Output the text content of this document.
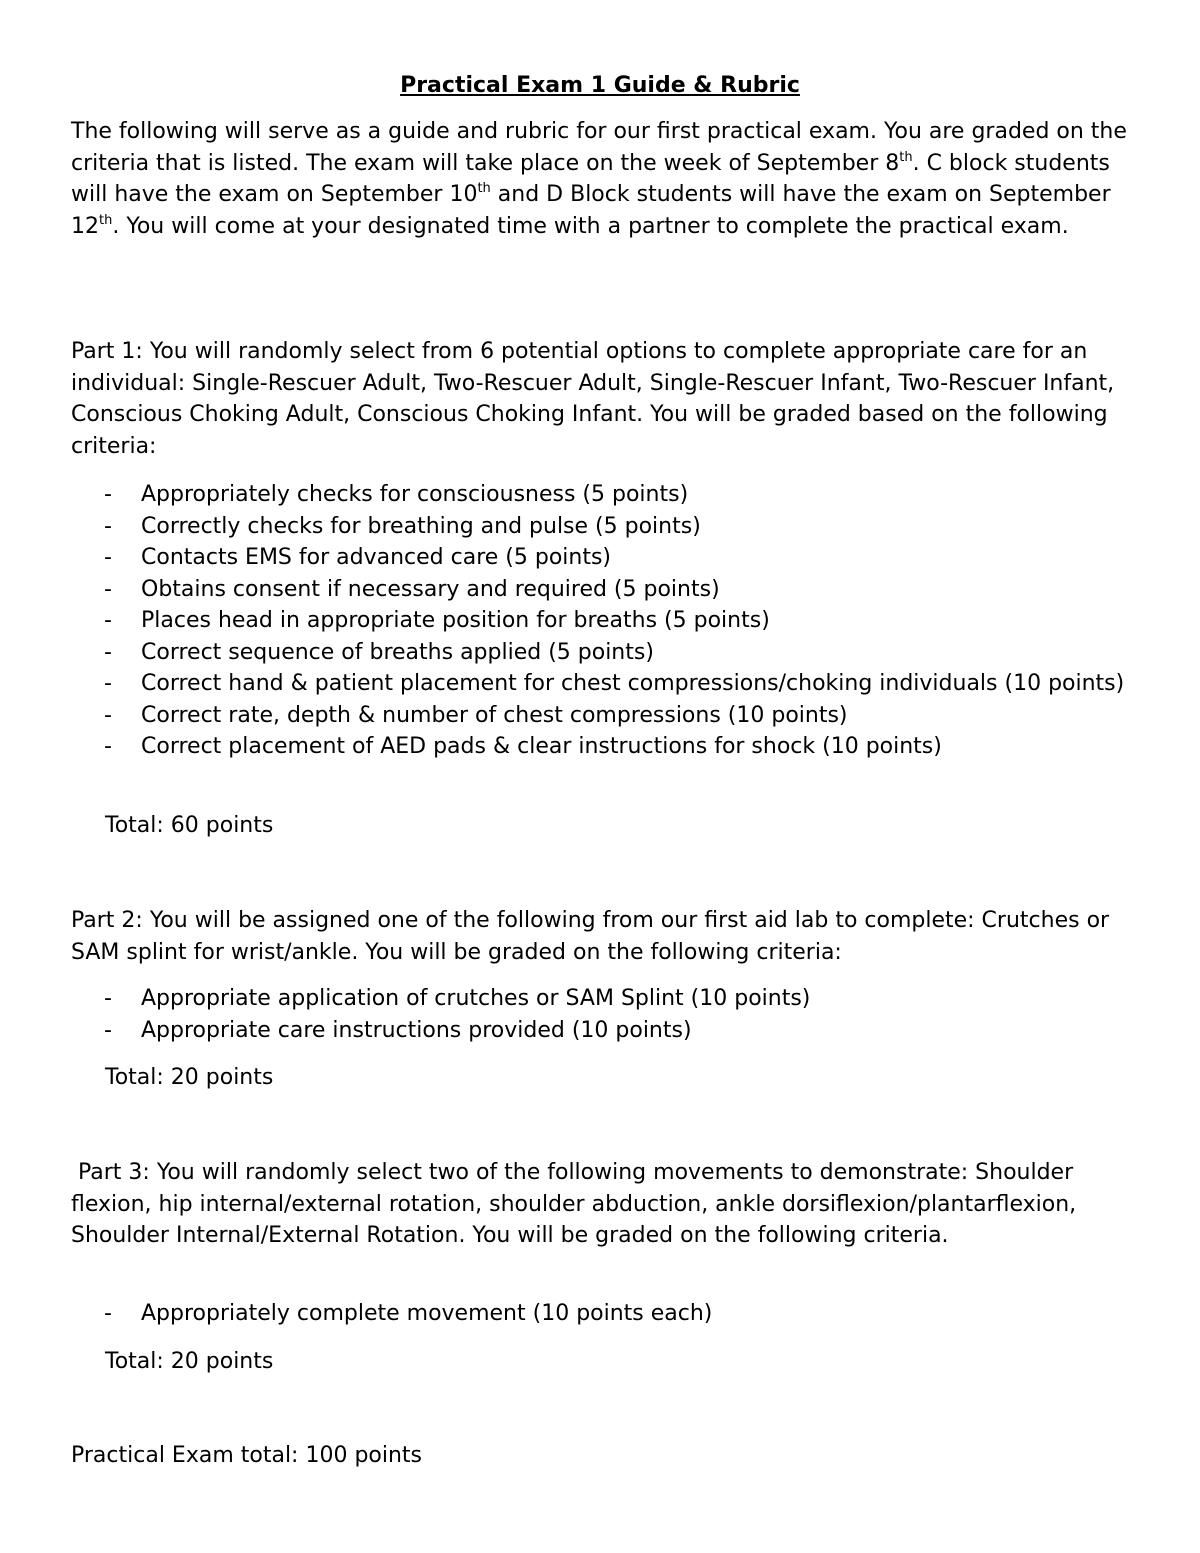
Practical Exam 1 Guide & Rubric

The following will serve as a guide and rubric for our first practical exam. You are graded on the criteria that is listed. The exam will take place on the week of September 8th. C block students will have the exam on September 10th and D Block students will have the exam on September 12th. You will come at your designated time with a partner to complete the practical exam.

Part 1: You will randomly select from 6 potential options to complete appropriate care for an individual: Single-Rescuer Adult, Two-Rescuer Adult, Single-Rescuer Infant, Two-Rescuer Infant, Conscious Choking Adult, Conscious Choking Infant. You will be graded based on the following criteria:

- Appropriately checks for consciousness (5 points)
- Correctly checks for breathing and pulse (5 points)
- Contacts EMS for advanced care (5 points)
- Obtains consent if necessary and required (5 points)
- Places head in appropriate position for breaths (5 points)
- Correct sequence of breaths applied (5 points)
- Correct hand & patient placement for chest compressions/choking individuals (10 points)
- Correct rate, depth & number of chest compressions (10 points)
- Correct placement of AED pads & clear instructions for shock (10 points)

Total: 60 points

Part 2: You will be assigned one of the following from our first aid lab to complete: Crutches or SAM splint for wrist/ankle. You will be graded on the following criteria:

- Appropriate application of crutches or SAM Splint (10 points)
- Appropriate care instructions provided (10 points)

Total: 20 points

Part 3: You will randomly select two of the following movements to demonstrate: Shoulder flexion, hip internal/external rotation, shoulder abduction, ankle dorsiflexion/plantarflexion, Shoulder Internal/External Rotation. You will be graded on the following criteria.

- Appropriately complete movement (10 points each)

Total: 20 points

Practical Exam total: 100 points
